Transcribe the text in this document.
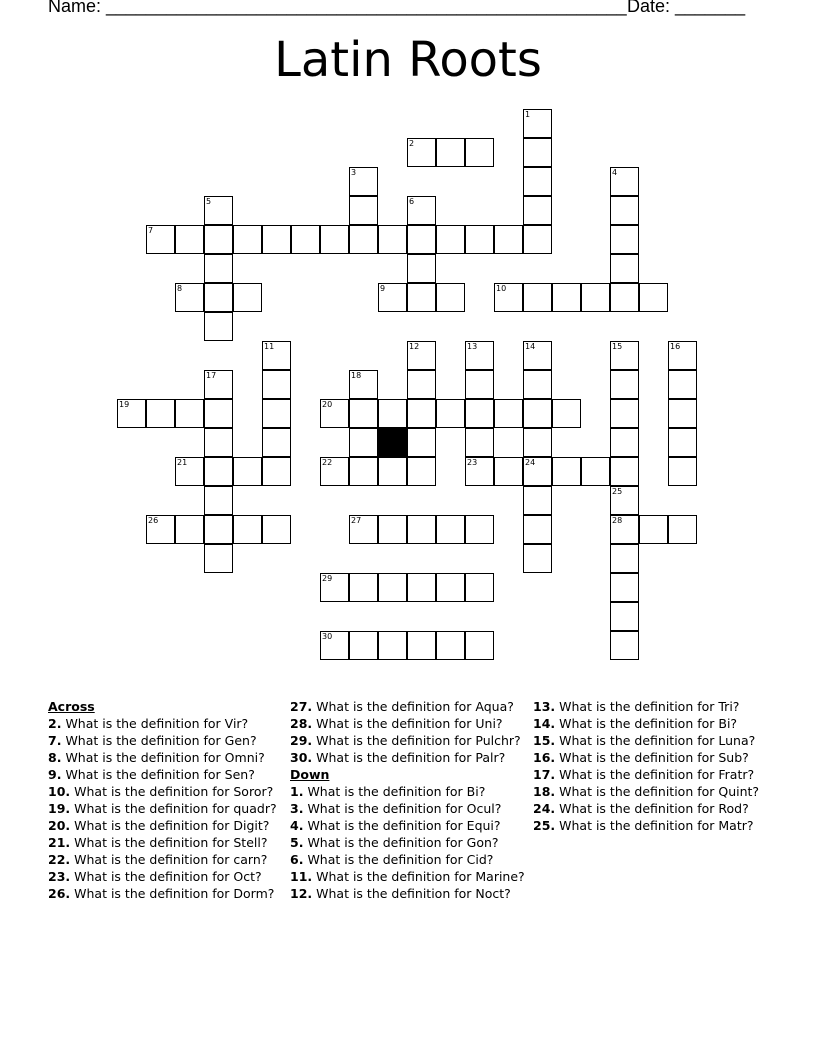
Name: ____________________________________________________ Date: _______
Latin Roots
2
7
8	9	10
19	20
21	22	23	24
26	27	28
29
30
1
3	4
5	6
11	12	13	14	15	16
17	18
25
Across
2. What is the definition for Vir?
7. What is the definition for Gen?
8. What is the definition for Omni?
9. What is the definition for Sen?
10. What is the definition for Soror?
19. What is the definition for quadr?
20. What is the definition for Digit?
21. What is the definition for Stell?
22. What is the definition for carn?
23. What is the definition for Oct?
26. What is the definition for Dorm?
27. What is the definition for Aqua?
28. What is the definition for Uni?
29. What is the definition for Pulchr?
30. What is the definition for Palr?
Down
1. What is the definition for Bi?
3. What is the definition for Ocul?
4. What is the definition for Equi?
5. What is the definition for Gon?
6. What is the definition for Cid?
11. What is the definition for Marine?
12. What is the definition for Noct?
13. What is the definition for Tri?
14. What is the definition for Bi?
15. What is the definition for Luna?
16. What is the definition for Sub?
17. What is the definition for Fratr?
18. What is the definition for Quint?
24. What is the definition for Rod?
25. What is the definition for Matr?
